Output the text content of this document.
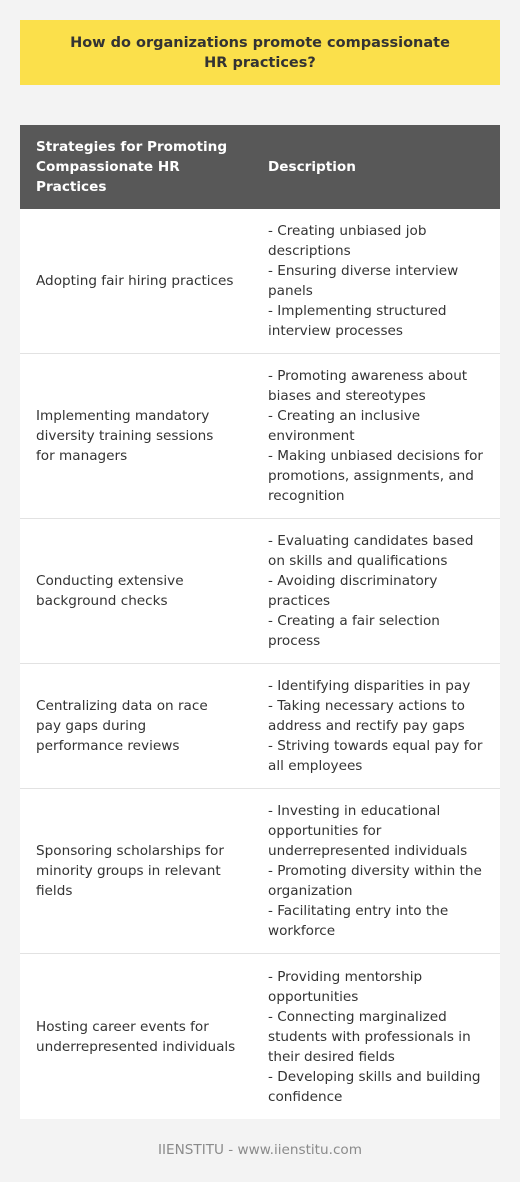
How do organizations promote compassionate HR practices?
Strategies for Promoting Compassionate HR Practices
Description
Adopting fair hiring practices
- Creating unbiased job descriptions
- Ensuring diverse interview panels
- Implementing structured interview processes
Implementing mandatory diversity training sessions for managers
- Promoting awareness about biases and stereotypes
- Creating an inclusive environment
- Making unbiased decisions for promotions, assignments, and recognition
Conducting extensive background checks
- Evaluating candidates based on skills and qualifications
- Avoiding discriminatory practices
- Creating a fair selection process
Centralizing data on race pay gaps during performance reviews
- Identifying disparities in pay
- Taking necessary actions to address and rectify pay gaps
- Striving towards equal pay for all employees
Sponsoring scholarships for minority groups in relevant fields
- Investing in educational opportunities for underrepresented individuals
- Promoting diversity within the organization
- Facilitating entry into the workforce
Hosting career events for underrepresented individuals
- Providing mentorship opportunities
- Connecting marginalized students with professionals in their desired fields
- Developing skills and building confidence
IIENSTITU - www.iienstitu.com
